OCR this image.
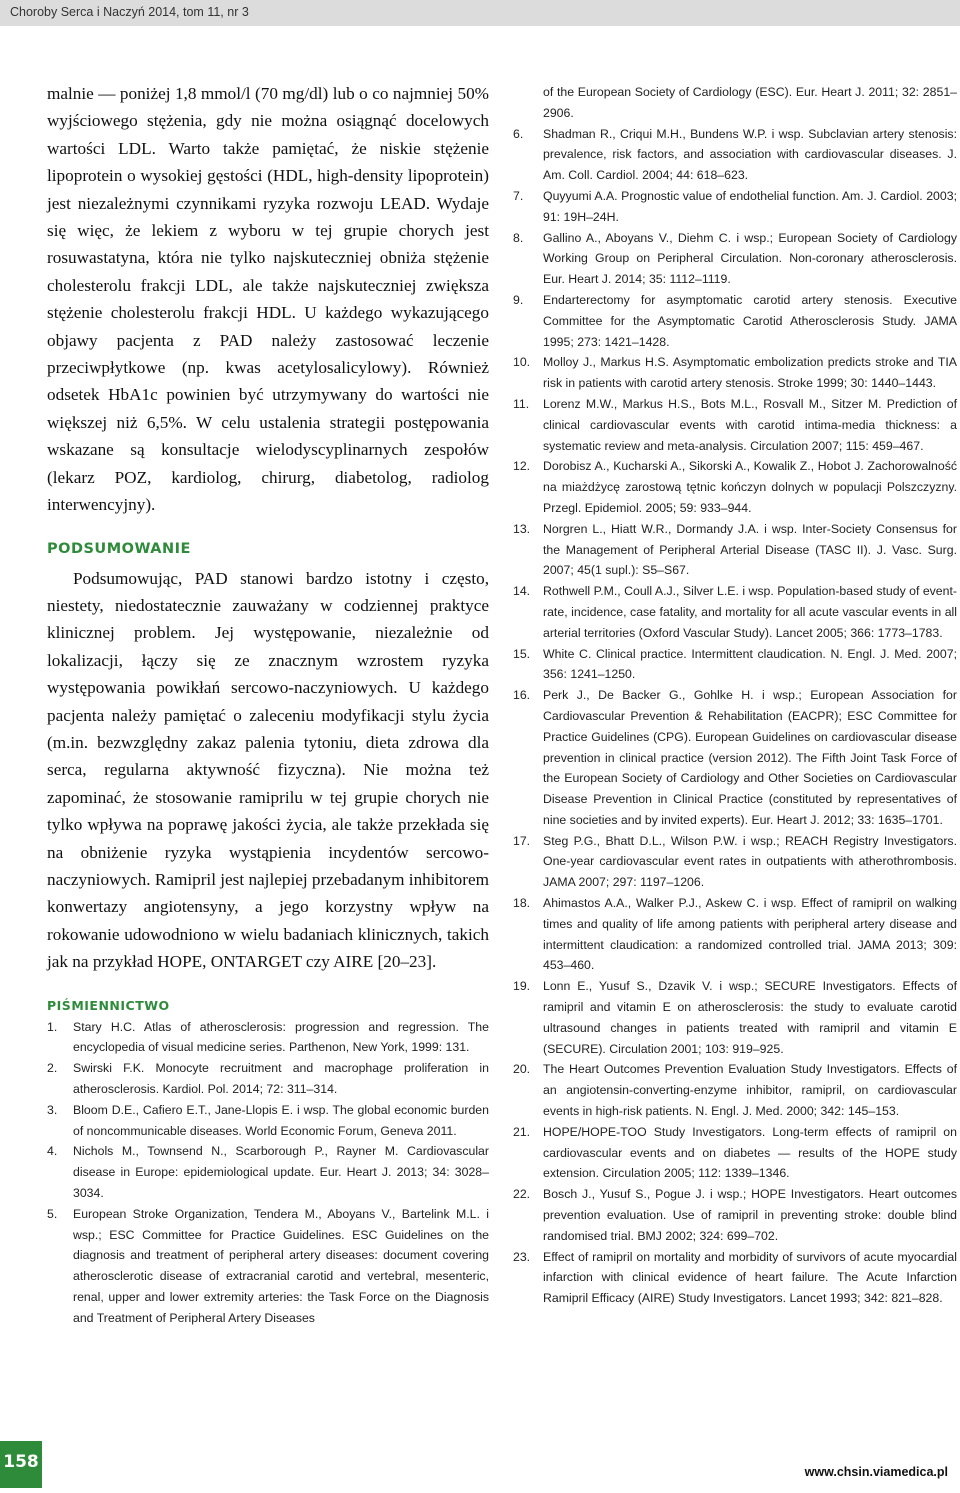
Choroby Serca i Naczyń 2014, tom 11, nr 3

malnie — poniżej 1,8 mmol/l (70 mg/dl) lub o co najmniej 50% wyjściowego stężenia, gdy nie można osiągnąć docelowych wartości LDL. Warto także pamiętać, że niskie stężenie lipoprotein o wysokiej gęstości (HDL, high-density lipoprotein) jest niezależnymi czynnikami ryzyka rozwoju LEAD. Wydaje się więc, że lekiem z wyboru w tej grupie chorych jest rosuwastatyna, która nie tylko najskuteczniej obniża stężenie cholesterolu frakcji LDL, ale także najskuteczniej zwiększa stężenie cholesterolu frakcji HDL. U każdego wykazującego objawy pacjenta z PAD należy zastosować leczenie przeciwpłytkowe (np. kwas acetylosalicylowy). Również odsetek HbA1c powinien być utrzymywany do wartości nie większej niż 6,5%. W celu ustalenia strategii postępowania wskazane są konsultacje wielodyscyplinarnych zespołów (lekarz POZ, kardiolog, chirurg, diabetolog, radiolog interwencyjny).

PODSUMOWANIE

Podsumowując, PAD stanowi bardzo istotny i często, niestety, niedostatecznie zauważany w codziennej praktyce klinicznej problem. Jej występowanie, niezależnie od lokalizacji, łączy się ze znacznym wzrostem ryzyka występowania powikłań sercowo-naczyniowych. U każdego pacjenta należy pamiętać o zaleceniu modyfikacji stylu życia (m.in. bezwzględny zakaz palenia tytoniu, dieta zdrowa dla serca, regularna aktywność fizyczna). Nie można też zapominać, że stosowanie ramiprilu w tej grupie chorych nie tylko wpływa na poprawę jakości życia, ale także przekłada się na obniżenie ryzyka wystąpienia incydentów sercowo-naczyniowych. Ramipril jest najlepiej przebadanym inhibitorem konwertazy angiotensyny, a jego korzystny wpływ na rokowanie udowodniono w wielu badaniach klinicznych, takich jak na przykład HOPE, ONTARGET czy AIRE [20–23].

PIŚMIENNICTWO
1.	Stary H.C. Atlas of atherosclerosis: progression and regression. The encyclopedia of visual medicine series. Parthenon, New York, 1999: 131.
2.	Swirski F.K. Monocyte recruitment and macrophage proliferation in atherosclerosis. Kardiol. Pol. 2014; 72: 311–314.
3.	Bloom D.E., Cafiero E.T., Jane-Llopis E. i wsp. The global economic burden of noncommunicable diseases. World Economic Forum, Geneva 2011.
4.	Nichols M., Townsend N., Scarborough P., Rayner M. Cardiovascular disease in Europe: epidemiological update. Eur. Heart J. 2013; 34: 3028–3034.
5.	European Stroke Organization, Tendera M., Aboyans V., Bartelink M.L. i wsp.; ESC Committee for Practice Guidelines. ESC Guidelines on the diagnosis and treatment of peripheral artery diseases: document covering atherosclerotic disease of extracranial carotid and vertebral, mesenteric, renal, upper and lower extremity arteries: the Task Force on the Diagnosis and Treatment of Peripheral Artery Diseases
of the European Society of Cardiology (ESC). Eur. Heart J. 2011; 32: 2851–2906.
6.	Shadman R., Criqui M.H., Bundens W.P. i wsp. Subclavian artery stenosis: prevalence, risk factors, and association with cardiovascular diseases. J. Am. Coll. Cardiol. 2004; 44: 618–623.
7.	Quyyumi A.A. Prognostic value of endothelial function. Am. J. Cardiol. 2003; 91: 19H–24H.
8.	Gallino A., Aboyans V., Diehm C. i wsp.; European Society of Cardiology Working Group on Peripheral Circulation. Non-coronary atherosclerosis. Eur. Heart J. 2014; 35: 1112–1119.
9.	Endarterectomy for asymptomatic carotid artery stenosis. Executive Committee for the Asymptomatic Carotid Atherosclerosis Study. JAMA 1995; 273: 1421–1428.
10.	Molloy J., Markus H.S. Asymptomatic embolization predicts stroke and TIA risk in patients with carotid artery stenosis. Stroke 1999; 30: 1440–1443.
11.	Lorenz M.W., Markus H.S., Bots M.L., Rosvall M., Sitzer M. Prediction of clinical cardiovascular events with carotid intima-media thickness: a systematic review and meta-analysis. Circulation 2007; 115: 459–467.
12.	Dorobisz A., Kucharski A., Sikorski A., Kowalik Z., Hobot J. Zachorowalność na miażdżycę zarostową tętnic kończyn dolnych w populacji Polszczyzny. Przegl. Epidemiol. 2005; 59: 933–944.
13.	Norgren L., Hiatt W.R., Dormandy J.A. i wsp. Inter-Society Consensus for the Management of Peripheral Arterial Disease (TASC II). J. Vasc. Surg. 2007; 45(1 supl.): S5–S67.
14.	Rothwell P.M., Coull A.J., Silver L.E. i wsp. Population-based study of event-rate, incidence, case fatality, and mortality for all acute vascular events in all arterial territories (Oxford Vascular Study). Lancet 2005; 366: 1773–1783.
15.	White C. Clinical practice. Intermittent claudication. N. Engl. J. Med. 2007; 356: 1241–1250.
16.	Perk J., De Backer G., Gohlke H. i wsp.; European Association for Cardiovascular Prevention & Rehabilitation (EACPR); ESC Committee for Practice Guidelines (CPG). European Guidelines on cardiovascular disease prevention in clinical practice (version 2012). The Fifth Joint Task Force of the European Society of Cardiology and Other Societies on Cardiovascular Disease Prevention in Clinical Practice (constituted by representatives of nine societies and by invited experts). Eur. Heart J. 2012; 33: 1635–1701.
17.	Steg P.G., Bhatt D.L., Wilson P.W. i wsp.; REACH Registry Investigators. One-year cardiovascular event rates in outpatients with atherothrombosis. JAMA 2007; 297: 1197–1206.
18.	Ahimastos A.A., Walker P.J., Askew C. i wsp. Effect of ramipril on walking times and quality of life among patients with peripheral artery disease and intermittent claudication: a randomized controlled trial. JAMA 2013; 309: 453–460.
19.	Lonn E., Yusuf S., Dzavik V. i wsp.; SECURE Investigators. Effects of ramipril and vitamin E on atherosclerosis: the study to evaluate carotid ultrasound changes in patients treated with ramipril and vitamin E (SECURE). Circulation 2001; 103: 919–925.
20.	The Heart Outcomes Prevention Evaluation Study Investigators. Effects of an angiotensin-converting-enzyme inhibitor, ramipril, on cardiovascular events in high-risk patients. N. Engl. J. Med. 2000; 342: 145–153.
21.	HOPE/HOPE-TOO Study Investigators. Long-term effects of ramipril on cardiovascular events and on diabetes — results of the HOPE study extension. Circulation 2005; 112: 1339–1346.
22.	Bosch J., Yusuf S., Pogue J. i wsp.; HOPE Investigators. Heart outcomes prevention evaluation. Use of ramipril in preventing stroke: double blind randomised trial. BMJ 2002; 324: 699–702.
23.	Effect of ramipril on mortality and morbidity of survivors of acute myocardial infarction with clinical evidence of heart failure. The Acute Infarction Ramipril Efficacy (AIRE) Study Investigators. Lancet 1993; 342: 821–828.
158	www.chsin.viamedica.pl
